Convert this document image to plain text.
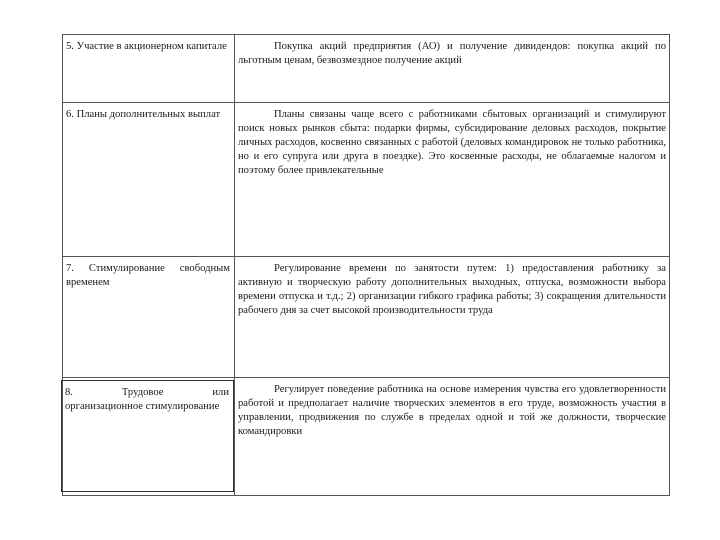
5. Участие в акционерном капитале	Покупка акций предприятия (АО) и получение дивидендов: покупка акций по льготным ценам, безвозмездное получение акций
6. Планы дополнительных выплат	Планы связаны чаще всего с работниками сбытовых организаций и стимулируют поиск новых рынков сбыта: подарки фирмы, субсидирование деловых расходов, покрытие личных расходов, косвенно связанных с работой (деловых командировок не только работника, но и его супруга или друга в поездке). Это косвенные расходы, не облагаемые налогом и поэтому более привлекательные
7. Стимулирование свободным временем
Регулирование времени по занятости путем: 1) предоставления работнику за активную и творческую работу дополнительных выходных, отпуска, возможности выбора времени отпуска и т.д.; 2) организации гибкого графика работы; 3) сокращения длительности рабочего дня за счет высокой производительности труда
8. Трудовое или
организационное стимулирование
Регулирует поведение работника на основе измерения чувства его удовлетворенности работой и предполагает наличие творческих элементов в его труде, возможность участия в управлении, продвижения по службе в пределах одной и той же должности, творческие командировки
